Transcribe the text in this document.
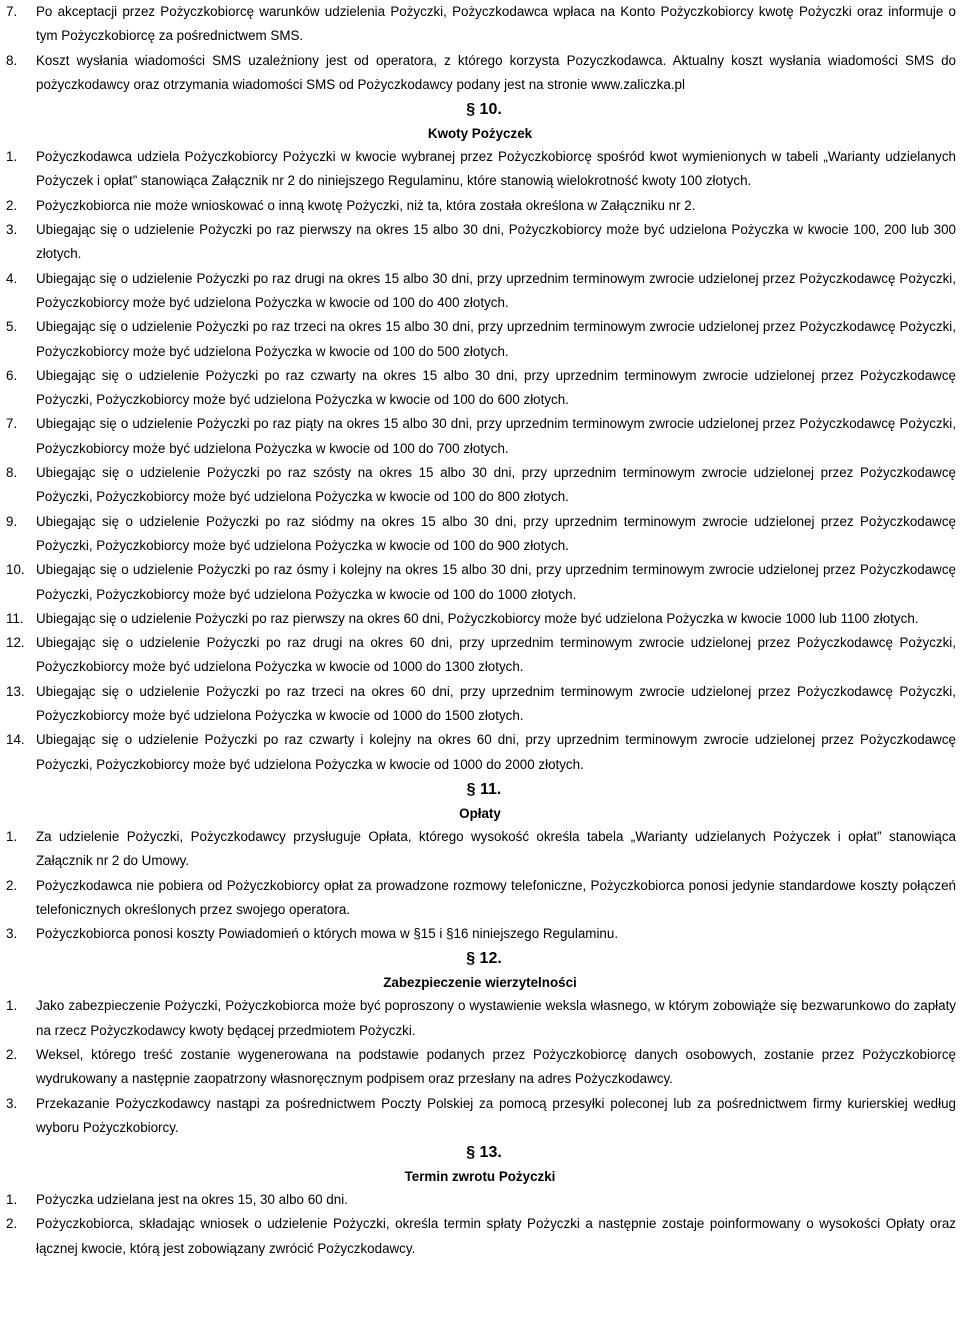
7.	Po akceptacji przez Pożyczkobiorcę warunków udzielenia Pożyczki, Pożyczkodawca wpłaca na Konto Pożyczkobiorcy kwotę Pożyczki oraz informuje o tym Pożyczkobiorcę za pośrednictwem SMS.
8.	Koszt wysłania wiadomości SMS uzależniony jest od operatora, z którego korzysta Pozyczkodawca. Aktualny koszt wysłania wiadomości SMS do pożyczkodawcy oraz otrzymania wiadomości SMS od Pożyczkodawcy podany jest na stronie www.zaliczka.pl
§ 10.
Kwoty Pożyczek
1.	Pożyczkodawca udziela Pożyczkobiorcy Pożyczki w kwocie wybranej przez Pożyczkobiorcę spośród kwot wymienionych w tabeli „Warianty udzielanych Pożyczek i opłat” stanowiąca Załącznik nr 2 do niniejszego Regulaminu, które stanowią wielokrotność kwoty 100 złotych.
2.	Pożyczkobiorca nie może wnioskować o inną kwotę Pożyczki, niż ta, która została określona w Załączniku nr 2.
3.	Ubiegając się o udzielenie Pożyczki po raz pierwszy na okres 15 albo 30 dni, Pożyczkobiorcy może być udzielona Pożyczka w kwocie 100, 200 lub 300 złotych.
4.	Ubiegając się o udzielenie Pożyczki po raz drugi na okres 15 albo 30 dni, przy uprzednim terminowym zwrocie udzielonej przez Pożyczkodawcę Pożyczki, Pożyczkobiorcy może być udzielona Pożyczka w kwocie od 100 do 400 złotych.
5.	Ubiegając się o udzielenie Pożyczki po raz trzeci na okres 15 albo 30 dni, przy uprzednim terminowym zwrocie udzielonej przez Pożyczkodawcę Pożyczki, Pożyczkobiorcy może być udzielona Pożyczka w kwocie od 100 do 500 złotych.
6.	Ubiegając się o udzielenie Pożyczki po raz czwarty na okres 15 albo 30 dni, przy uprzednim terminowym zwrocie udzielonej przez Pożyczkodawcę Pożyczki, Pożyczkobiorcy może być udzielona Pożyczka w kwocie od 100 do 600 złotych.
7.	Ubiegając się o udzielenie Pożyczki po raz piąty na okres 15 albo 30 dni, przy uprzednim terminowym zwrocie udzielonej przez Pożyczkodawcę Pożyczki, Pożyczkobiorcy może być udzielona Pożyczka w kwocie od 100 do 700 złotych.
8.	Ubiegając się o udzielenie Pożyczki po raz szósty na okres 15 albo 30 dni, przy uprzednim terminowym zwrocie udzielonej przez Pożyczkodawcę Pożyczki, Pożyczkobiorcy może być udzielona Pożyczka w kwocie od 100 do 800 złotych.
9.	Ubiegając się o udzielenie Pożyczki po raz siódmy na okres 15 albo 30 dni, przy uprzednim terminowym zwrocie udzielonej przez Pożyczkodawcę Pożyczki, Pożyczkobiorcy może być udzielona Pożyczka w kwocie od 100 do 900 złotych.
10. Ubiegając się o udzielenie Pożyczki po raz ósmy i kolejny na okres 15 albo 30 dni, przy uprzednim terminowym zwrocie udzielonej przez Pożyczkodawcę Pożyczki, Pożyczkobiorcy może być udzielona Pożyczka w kwocie od 100 do 1000 złotych.
11. Ubiegając się o udzielenie Pożyczki po raz pierwszy na okres 60 dni, Pożyczkobiorcy może być udzielona Pożyczka w kwocie 1000 lub 1100 złotych.
12. Ubiegając się o udzielenie Pożyczki po raz drugi na okres 60 dni, przy uprzednim terminowym zwrocie udzielonej przez Pożyczkodawcę Pożyczki, Pożyczkobiorcy może być udzielona Pożyczka w kwocie od 1000 do 1300 złotych.
13. Ubiegając się o udzielenie Pożyczki po raz trzeci na okres 60 dni, przy uprzednim terminowym zwrocie udzielonej przez Pożyczkodawcę Pożyczki, Pożyczkobiorcy może być udzielona Pożyczka w kwocie od 1000 do 1500 złotych.
14. Ubiegając się o udzielenie Pożyczki po raz czwarty i kolejny na okres 60 dni, przy uprzednim terminowym zwrocie udzielonej przez Pożyczkodawcę Pożyczki, Pożyczkobiorcy może być udzielona Pożyczka w kwocie od 1000 do 2000 złotych.
§ 11.
Opłaty
1.	Za udzielenie Pożyczki, Pożyczkodawcy przysługuje Opłata, którego wysokość określa tabela „Warianty udzielanych Pożyczek i opłat” stanowiąca Załącznik nr 2 do Umowy.
2.	Pożyczkodawca nie pobiera od Pożyczkobiorcy opłat za prowadzone rozmowy telefoniczne, Pożyczkobiorca ponosi jedynie standardowe koszty połączeń telefonicznych określonych przez swojego operatora.
3.	Pożyczkobiorca ponosi koszty Powiadomień o których mowa w §15 i §16 niniejszego Regulaminu.
§ 12.
Zabezpieczenie wierzytelności
1.	Jako zabezpieczenie Pożyczki, Pożyczkobiorca może być poproszony o wystawienie weksla własnego, w którym zobowiąże się bezwarunkowo do zapłaty na rzecz Pożyczkodawcy kwoty będącej przedmiotem Pożyczki.
2.	Weksel, którego treść zostanie wygenerowana na podstawie podanych przez Pożyczkobiorcę danych osobowych, zostanie przez Pożyczkobiorcę wydrukowany a następnie zaopatrzony własnoręcznym podpisem oraz przesłany na adres Pożyczkodawcy.
3.	Przekazanie Pożyczkodawcy nastąpi za pośrednictwem Poczty Polskiej za pomocą przesyłki poleconej lub za pośrednictwem firmy kurierskiej według wyboru Pożyczkobiorcy.
§ 13.
Termin zwrotu Pożyczki
1.	Pożyczka udzielana jest na okres 15, 30 albo 60 dni.
2.	Pożyczkobiorca, składając wniosek o udzielenie Pożyczki, określa termin spłaty Pożyczki a następnie zostaje poinformowany o wysokości Opłaty oraz łącznej kwocie, którą jest zobowiązany zwrócić Pożyczkodawcy.
